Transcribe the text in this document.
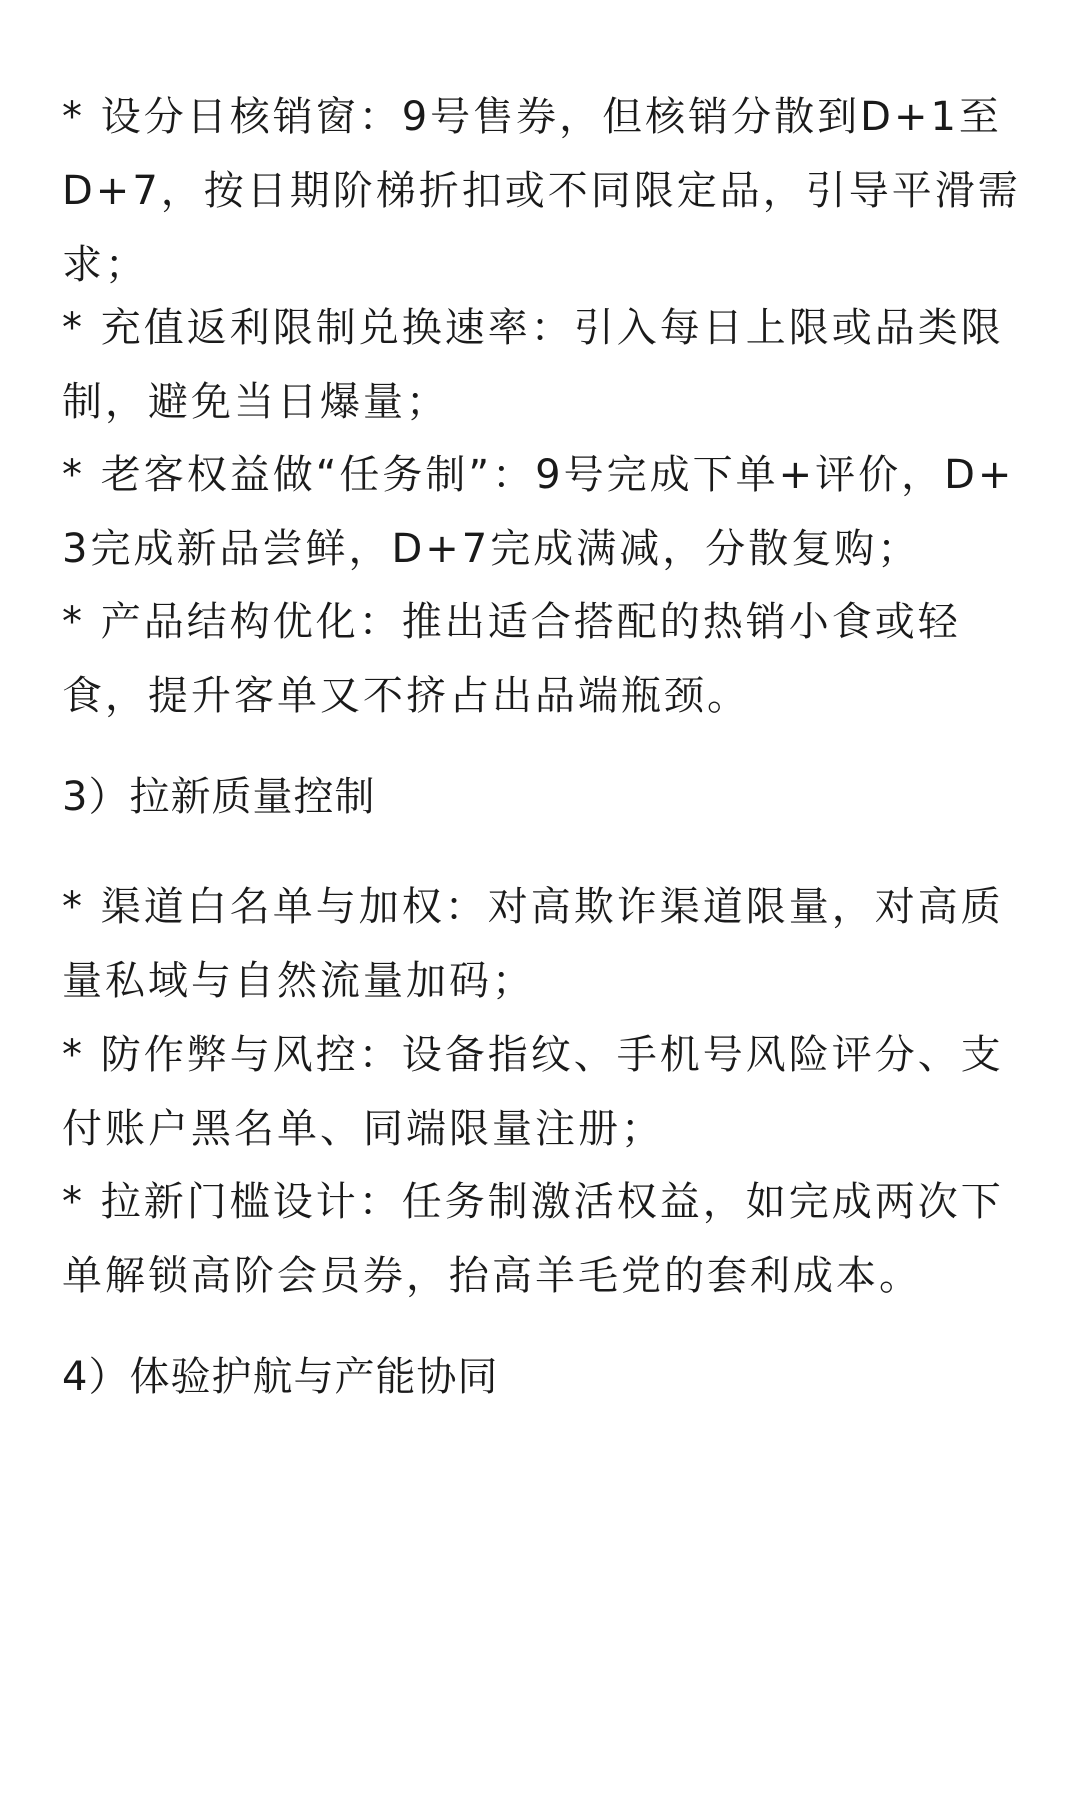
* 设分日核销窗：9号售券，但核销分散到D+1至D+7，按日期阶梯折扣或不同限定品，引导平滑需求；

* 充值返利限制兑换速率：引入每日上限或品类限制，避免当日爆量；

* 老客权益做“任务制”：9号完成下单+评价，D+3完成新品尝鲜，D+7完成满减，分散复购；

* 产品结构优化：推出适合搭配的热销小食或轻食，提升客单又不挤占出品端瓶颈。

3）拉新质量控制

* 渠道白名单与加权：对高欺诈渠道限量，对高质量私域与自然流量加码；

* 防作弊与风控：设备指纹、手机号风险评分、支付账户黑名单、同端限量注册；

* 拉新门槛设计：任务制激活权益，如完成两次下单解锁高阶会员券，抬高羊毛党的套利成本。

4）体验护航与产能协同
